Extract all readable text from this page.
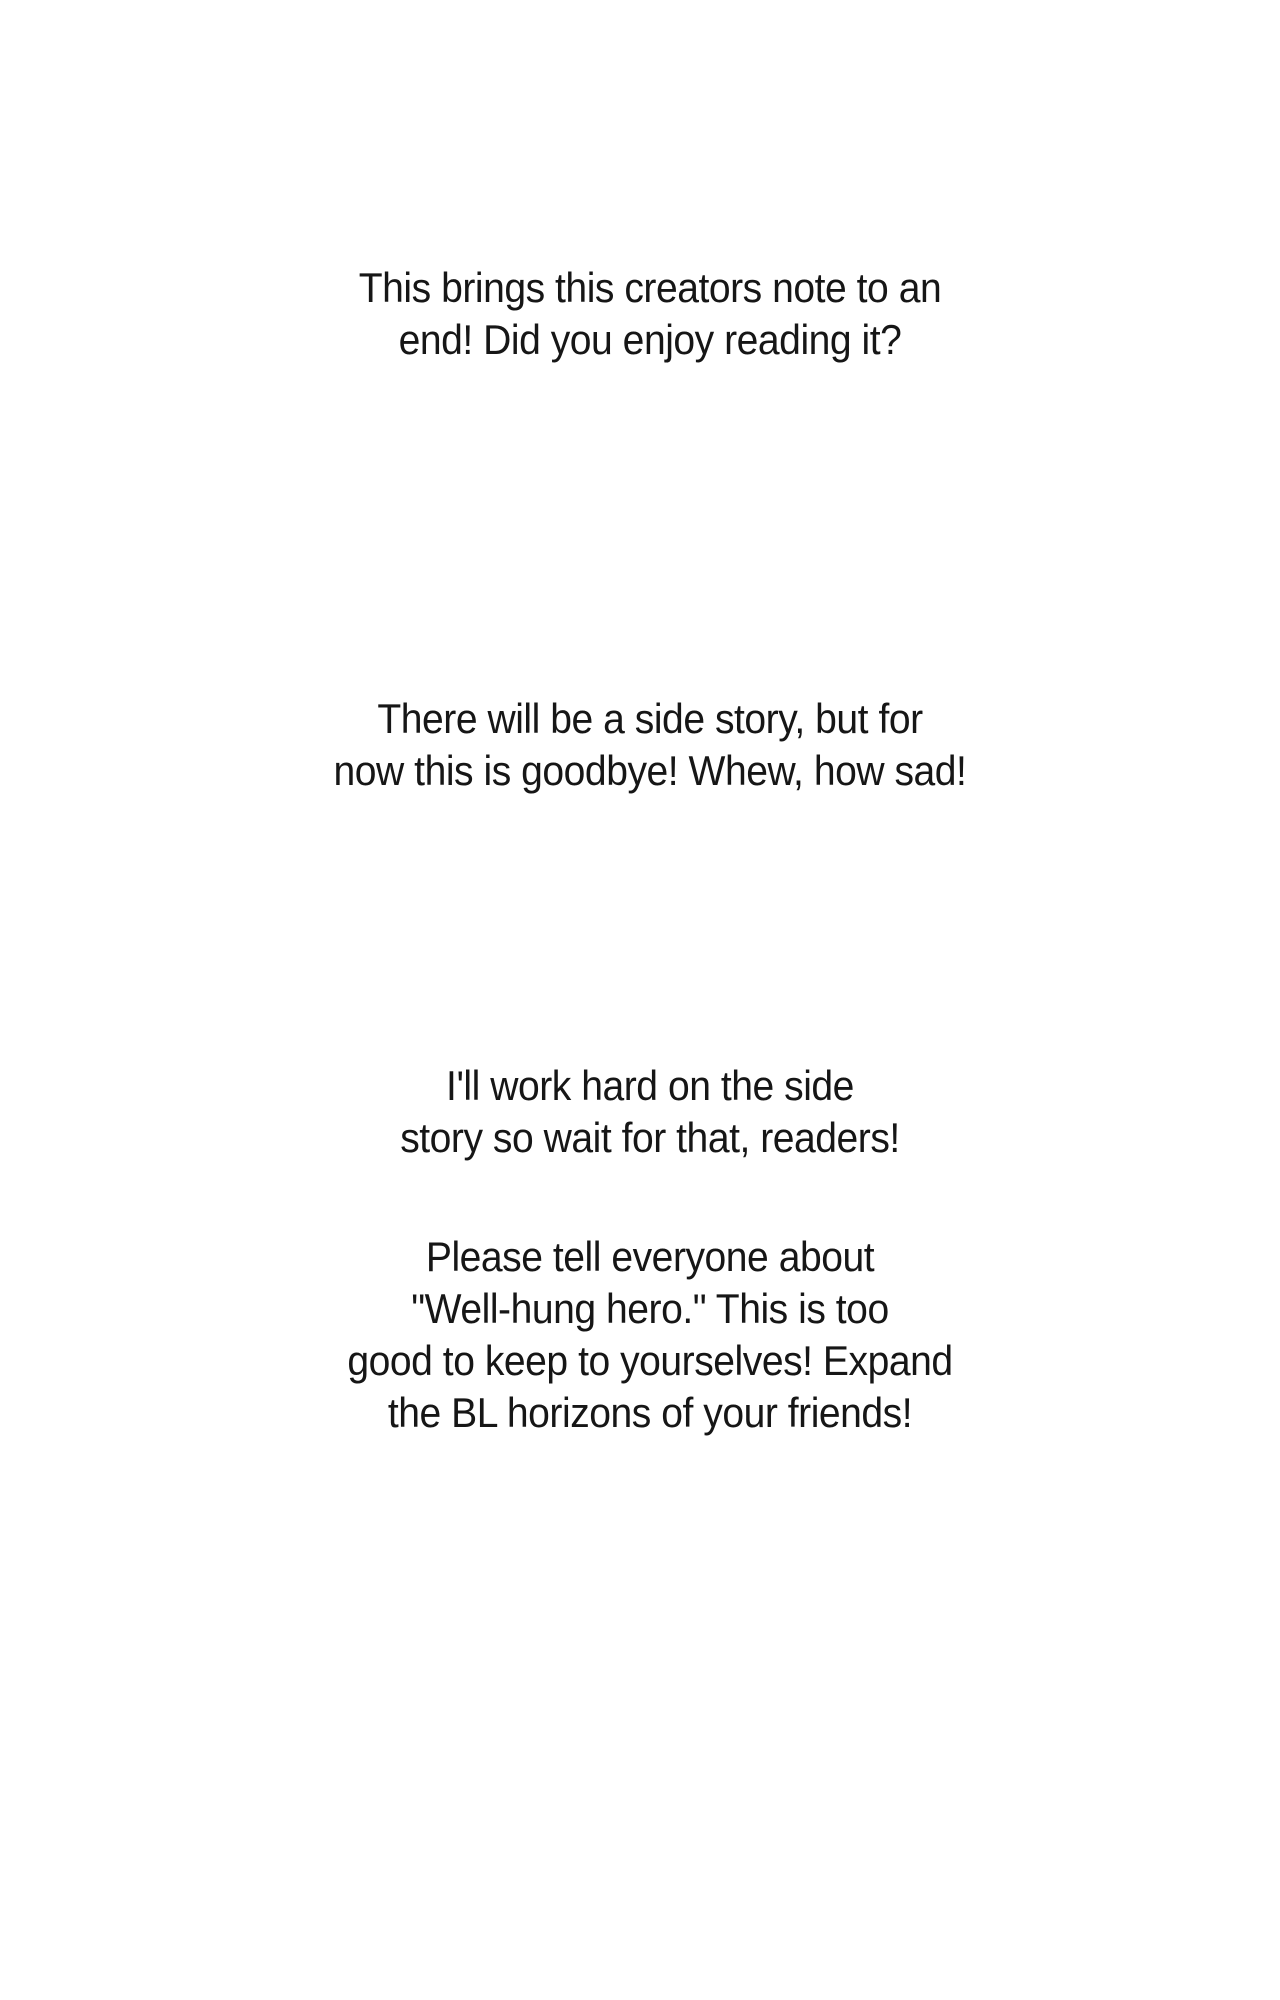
This brings this creators note to an
end! Did you enjoy reading it?
There will be a side story, but for
now this is goodbye! Whew, how sad!
I'll work hard on the side
story so wait for that, readers!
Please tell everyone about
"Well-hung hero." This is too
good to keep to yourselves! Expand
the BL horizons of your friends!
